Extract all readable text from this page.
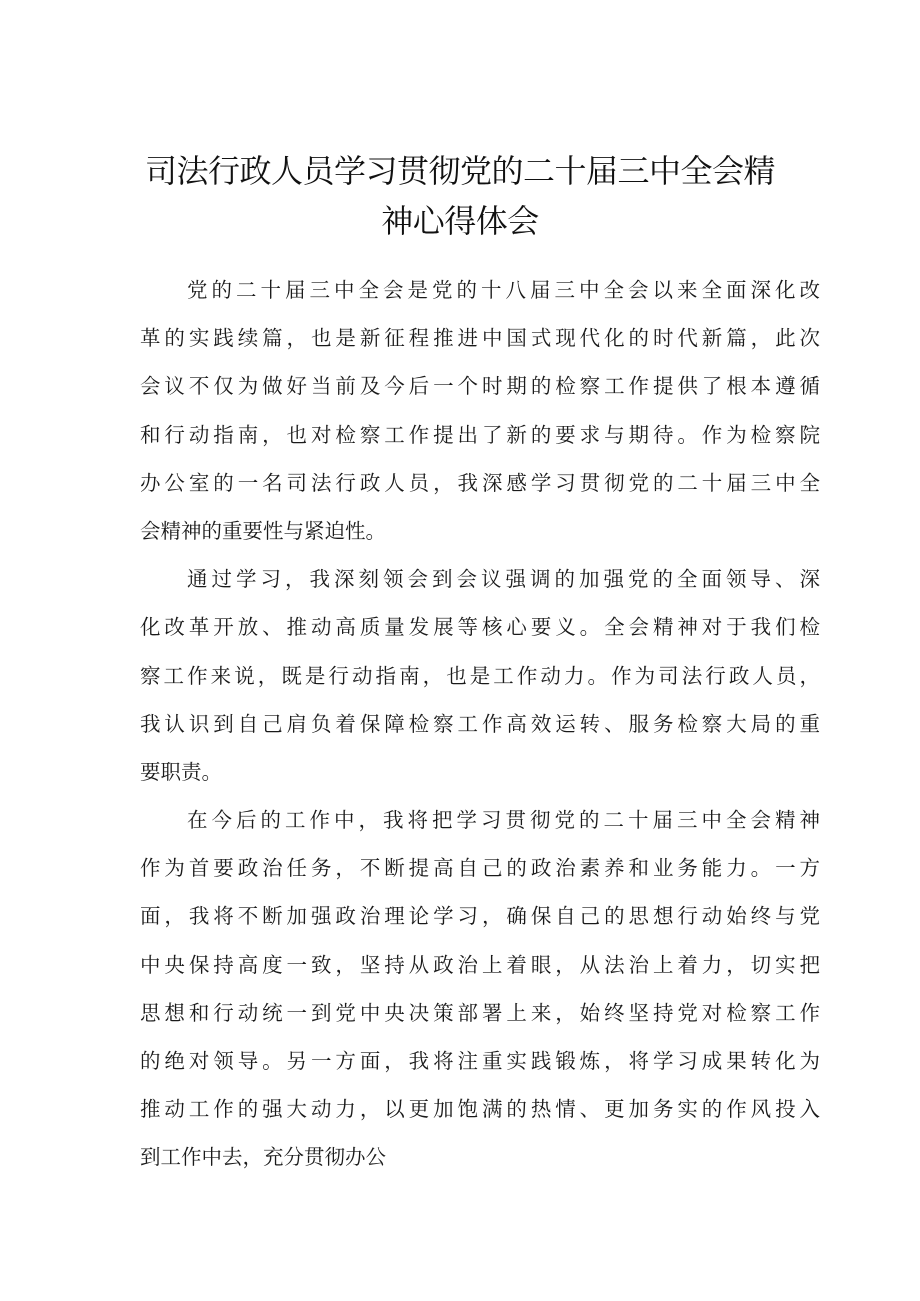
司法行政人员学习贯彻党的二十届三中全会精
神心得体会
党的二十届三中全会是党的十八届三中全会以来全面深化改
革的实践续篇，也是新征程推进中国式现代化的时代新篇，此次
会议不仅为做好当前及今后一个时期的检察工作提供了根本遵循
和行动指南，也对检察工作提出了新的要求与期待。作为检察院
办公室的一名司法行政人员，我深感学习贯彻党的二十届三中全
会精神的重要性与紧迫性。
通过学习，我深刻领会到会议强调的加强党的全面领导、深
化改革开放、推动高质量发展等核心要义。全会精神对于我们检
察工作来说，既是行动指南，也是工作动力。作为司法行政人员，
我认识到自己肩负着保障检察工作高效运转、服务检察大局的重
要职责。
在今后的工作中，我将把学习贯彻党的二十届三中全会精神
作为首要政治任务，不断提高自己的政治素养和业务能力。一方
面，我将不断加强政治理论学习，确保自己的思想行动始终与党
中央保持高度一致，坚持从政治上着眼，从法治上着力，切实把
思想和行动统一到党中央决策部署上来，始终坚持党对检察工作
的绝对领导。另一方面，我将注重实践锻炼，将学习成果转化为
推动工作的强大动力，以更加饱满的热情、更加务实的作风投入
到工作中去，充分贯彻办公
